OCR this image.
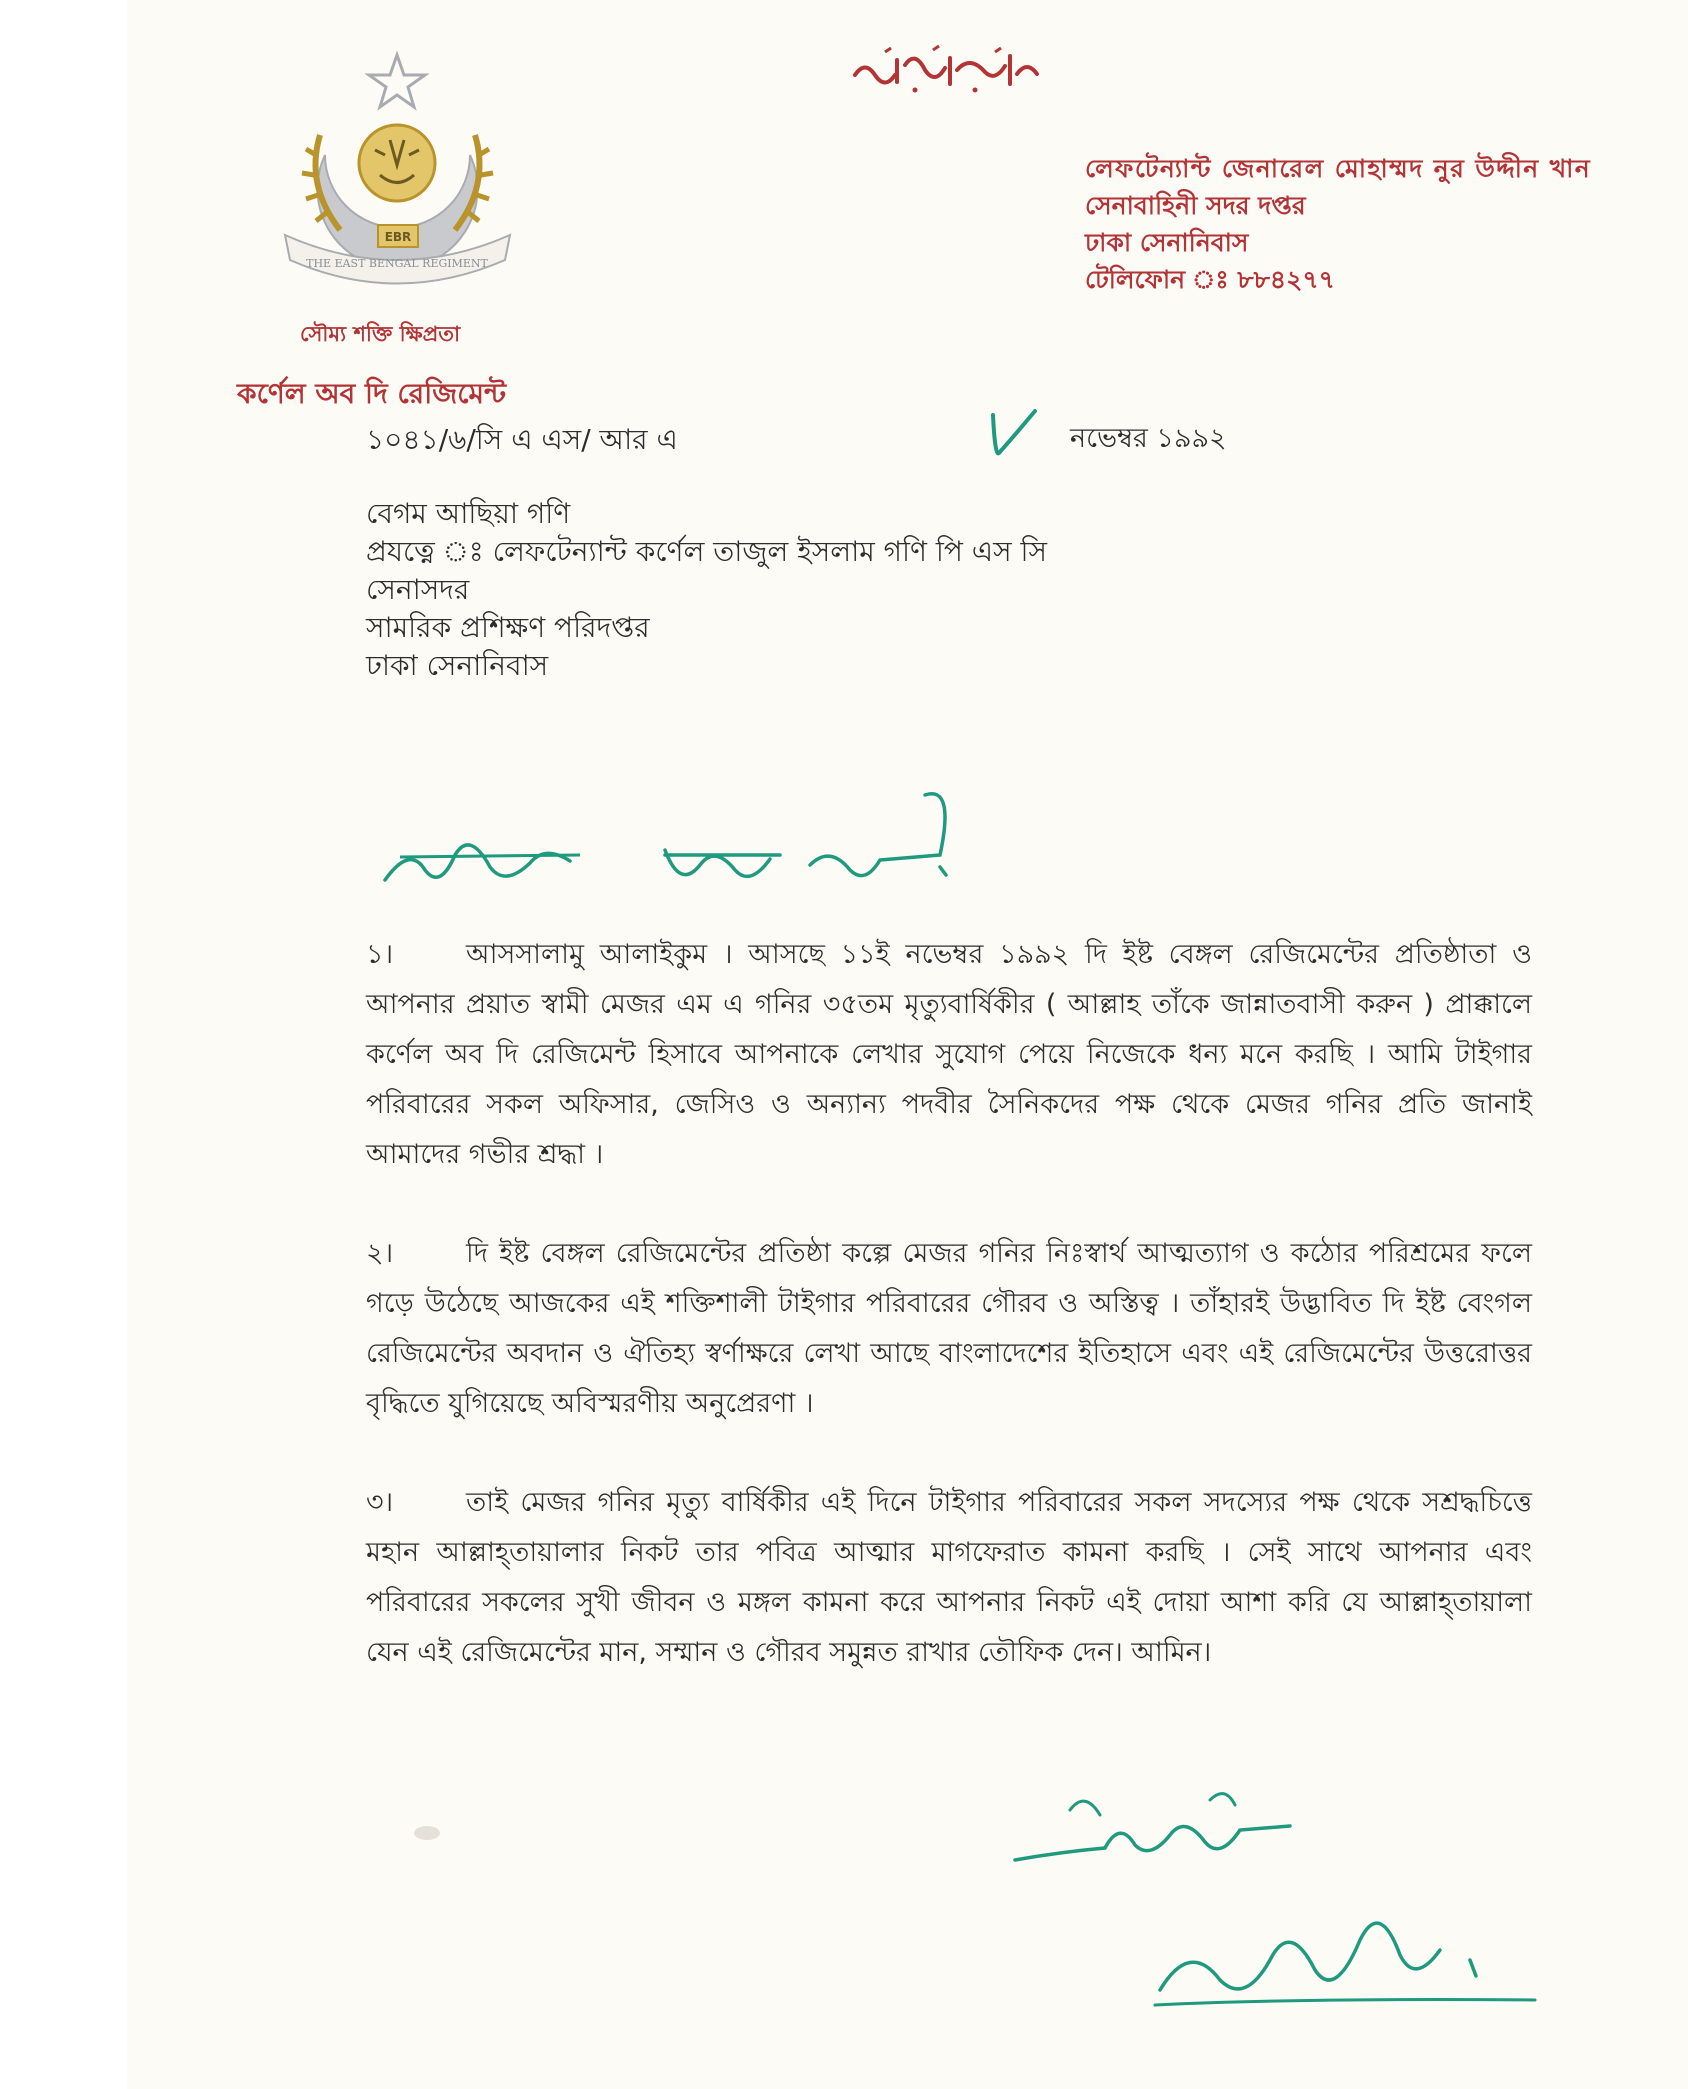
EBR
THE EAST BENGAL REGIMENT
সৌম্য শক্তি ক্ষিপ্রতা
কর্ণেল অব দি রেজিমেন্ট
লেফটেন্যান্ট জেনারেল মোহাম্মদ নুর উদ্দীন খান
সেনাবাহিনী সদর দপ্তর
ঢাকা সেনানিবাস
টেলিফোন ঃ ৮৮৪২৭৭
১০৪১/৬/সি এ এস/ আর এ	নভেম্বর ১৯৯২
বেগম আছিয়া গণি
প্রযত্নে ঃ লেফটেন্যান্ট কর্ণেল তাজুল ইসলাম গণি পি এস সি
সেনাসদর
সামরিক প্রশিক্ষণ পরিদপ্তর
ঢাকা সেনানিবাস

১।	আসসালামু আলাইকুম । আসছে ১১ই নভেম্বর ১৯৯২ দি ইষ্ট বেঙ্গল রেজিমেন্টের প্রতিষ্ঠাতা ও আপনার প্রয়াত স্বামী মেজর এম এ গনির ৩৫তম মৃত্যুবার্ষিকীর ( আল্লাহ তাঁকে জান্নাতবাসী করুন ) প্রাক্কালে কর্ণেল অব দি রেজিমেন্ট হিসাবে আপনাকে লেখার সুযোগ পেয়ে নিজেকে ধন্য মনে করছি । আমি টাইগার পরিবারের সকল অফিসার, জেসিও ও অন্যান্য পদবীর সৈনিকদের পক্ষ থেকে মেজর গনির প্রতি জানাই আমাদের গভীর শ্রদ্ধা ।

২।	দি ইষ্ট বেঙ্গল রেজিমেন্টের প্রতিষ্ঠা কল্পে মেজর গনির নিঃস্বার্থ আত্মত্যাগ ও কঠোর পরিশ্রমের ফলে গড়ে উঠেছে আজকের এই শক্তিশালী টাইগার পরিবারের গৌরব ও অস্তিত্ব । তাঁহারই উদ্ভাবিত দি ইষ্ট বেংগল রেজিমেন্টের অবদান ও ঐতিহ্য স্বর্ণাক্ষরে লেখা আছে বাংলাদেশের ইতিহাসে এবং এই রেজিমেন্টের উত্তরোত্তর বৃদ্ধিতে যুগিয়েছে অবিস্মরণীয় অনুপ্রেরণা ।

৩।	তাই মেজর গনির মৃত্যু বার্ষিকীর এই দিনে টাইগার পরিবারের সকল সদস্যের পক্ষ থেকে সশ্রদ্ধচিত্তে মহান আল্লাহ্‌তায়ালার নিকট তার পবিত্র আত্মার মাগফেরাত কামনা করছি । সেই সাথে আপনার এবং পরিবারের সকলের সুখী জীবন ও মঙ্গল কামনা করে আপনার নিকট এই দোয়া আশা করি যে আল্লাহ্‌তায়ালা যেন এই রেজিমেন্টের মান, সম্মান ও গৌরব সমুন্নত রাখার তৌফিক দেন। আমিন।
